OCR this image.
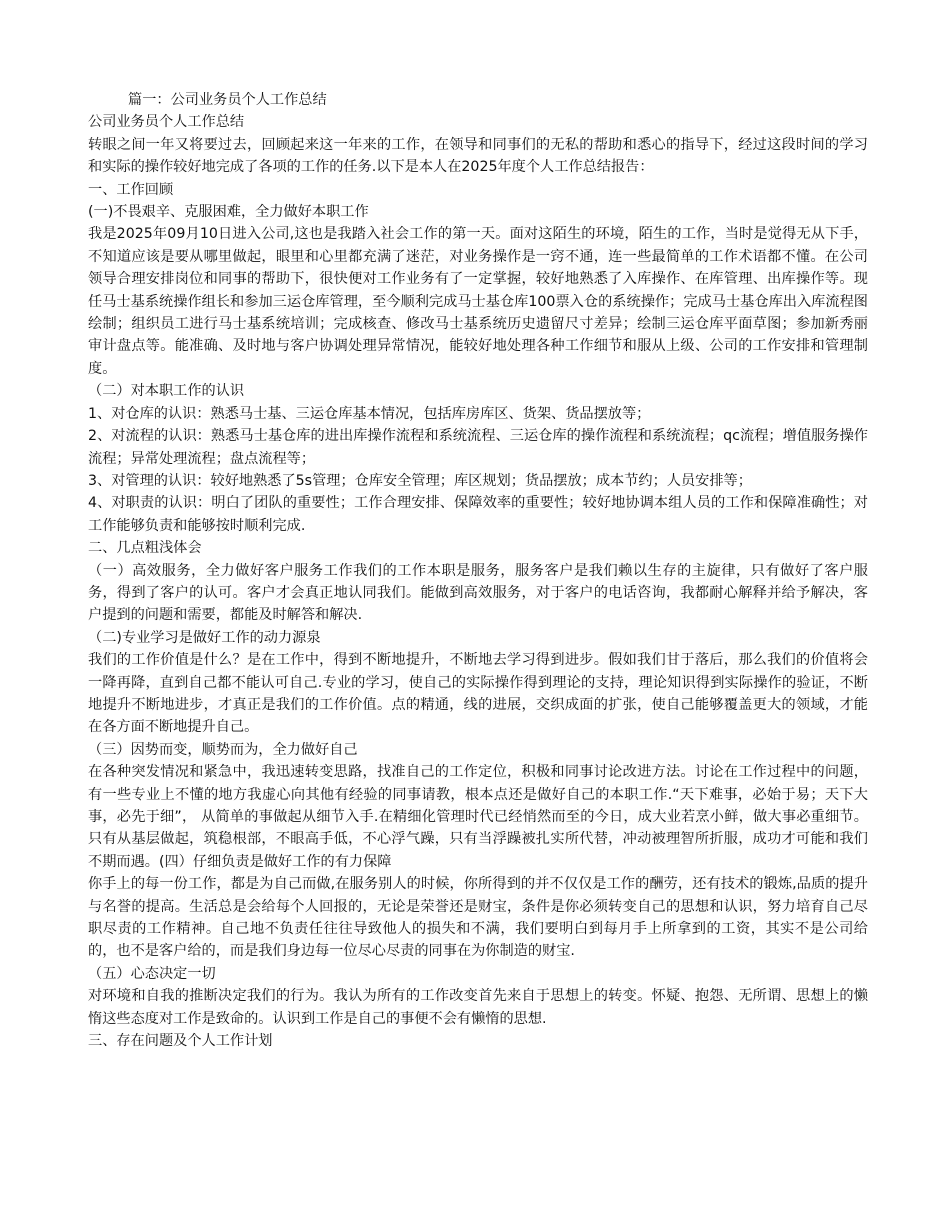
篇一：公司业务员个人工作总结
公司业务员个人工作总结
转眼之间一年又将要过去，回顾起来这一年来的工作，在领导和同事们的无私的帮助和悉心的指导下，经过这段时间的学习和实际的操作较好地完成了各项的工作的任务.以下是本人在2025年度个人工作总结报告：
一、工作回顾
(一)不畏艰辛、克服困难，全力做好本职工作
我是2025年09月10日进入公司,这也是我踏入社会工作的第一天。面对这陌生的环境，陌生的工作，当时是觉得无从下手，不知道应该是要从哪里做起，眼里和心里都充满了迷茫，对业务操作是一窍不通，连一些最简单的工作术语都不懂。在公司领导合理安排岗位和同事的帮助下，很快便对工作业务有了一定掌握，较好地熟悉了入库操作、在库管理、出库操作等。现任马士基系统操作组长和参加三运仓库管理，至今顺利完成马士基仓库100票入仓的系统操作；完成马士基仓库出入库流程图绘制；组织员工进行马士基系统培训；完成核查、修改马士基系统历史遗留尺寸差异；绘制三运仓库平面草图；参加新秀丽审计盘点等。能准确、及时地与客户协调处理异常情况，能较好地处理各种工作细节和服从上级、公司的工作安排和管理制度。
（二）对本职工作的认识
1、对仓库的认识：熟悉马士基、三运仓库基本情况，包括库房库区、货架、货品摆放等；
2、对流程的认识：熟悉马士基仓库的进出库操作流程和系统流程、三运仓库的操作流程和系统流程；qc流程；增值服务操作流程；异常处理流程；盘点流程等；
3、对管理的认识：较好地熟悉了5s管理；仓库安全管理；库区规划；货品摆放；成本节约；人员安排等；
4、对职责的认识：明白了团队的重要性；工作合理安排、保障效率的重要性；较好地协调本组人员的工作和保障准确性；对工作能够负责和能够按时顺利完成.
二、几点粗浅体会
（一）高效服务，全力做好客户服务工作我们的工作本职是服务，服务客户是我们赖以生存的主旋律，只有做好了客户服务，得到了客户的认可。客户才会真正地认同我们。能做到高效服务，对于客户的电话咨询，我都耐心解释并给予解决，客户提到的问题和需要，都能及时解答和解决.
（二)专业学习是做好工作的动力源泉
我们的工作价值是什么？是在工作中，得到不断地提升，不断地去学习得到进步。假如我们甘于落后，那么我们的价值将会一降再降，直到自己都不能认可自己.专业的学习，使自己的实际操作得到理论的支持，理论知识得到实际操作的验证，不断地提升不断地进步，才真正是我们的工作价值。点的精通，线的进展，交织成面的扩张，使自己能够覆盖更大的领域，才能在各方面不断地提升自己。
（三）因势而变，顺势而为，全力做好自己
在各种突发情况和紧急中，我迅速转变思路，找准自己的工作定位，积极和同事讨论改进方法。讨论在工作过程中的问题，有一些专业上不懂的地方我虚心向其他有经验的同事请教，根本点还是做好自己的本职工作.“天下难事，必始于易；天下大事，必先于细”， 从简单的事做起从细节入手.在精细化管理时代已经悄然而至的今日，成大业若烹小鲜，做大事必重细节。只有从基层做起，筑稳根部，不眼高手低，不心浮气躁，只有当浮躁被扎实所代替，冲动被理智所折服，成功才可能和我们不期而遇。(四）仔细负责是做好工作的有力保障
你手上的每一份工作，都是为自己而做,在服务别人的时候，你所得到的并不仅仅是工作的酬劳，还有技术的锻炼,品质的提升与名誉的提高。生活总是会给每个人回报的，无论是荣誉还是财宝，条件是你必须转变自己的思想和认识，努力培育自己尽职尽责的工作精神。自己地不负责任往往导致他人的损失和不满，我们要明白到每月手上所拿到的工资，其实不是公司给的，也不是客户给的，而是我们身边每一位尽心尽责的同事在为你制造的财宝.
（五）心态决定一切
对环境和自我的推断决定我们的行为。我认为所有的工作改变首先来自于思想上的转变。怀疑、抱怨、无所谓、思想上的懒惰这些态度对工作是致命的。认识到工作是自己的事便不会有懒惰的思想.
三、存在问题及个人工作计划
